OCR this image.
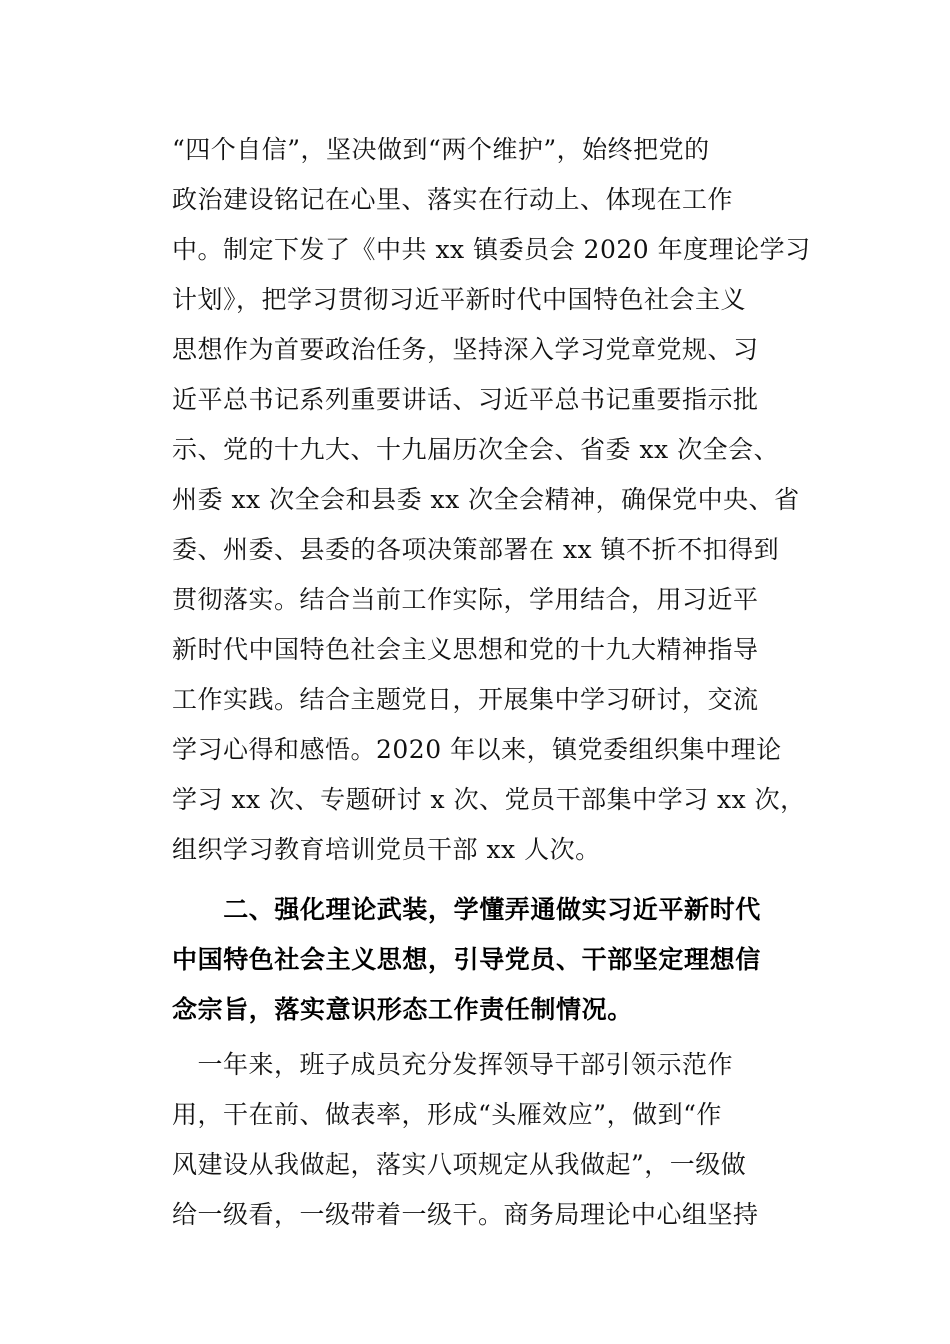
“四个自信”，坚决做到“两个维护”，始终把党的
政治建设铭记在心里、落实在行动上、体现在工作
中。制定下发了《中共 xx 镇委员会 2020 年度理论学习
计划》，把学习贯彻习近平新时代中国特色社会主义
思想作为首要政治任务，坚持深入学习党章党规、习
近平总书记系列重要讲话、习近平总书记重要指示批
示、党的十九大、十九届历次全会、省委 xx 次全会、
州委 xx 次全会和县委 xx 次全会精神，确保党中央、省
委、州委、县委的各项决策部署在 xx 镇不折不扣得到
贯彻落实。结合当前工作实际，学用结合，用习近平
新时代中国特色社会主义思想和党的十九大精神指导
工作实践。结合主题党日，开展集中学习研讨，交流
学习心得和感悟。2020 年以来，镇党委组织集中理论
学习 xx 次、专题研讨 x 次、党员干部集中学习 xx 次，
组织学习教育培训党员干部 xx 人次。
　　二、强化理论武装，学懂弄通做实习近平新时代
中国特色社会主义思想，引导党员、干部坚定理想信
念宗旨，落实意识形态工作责任制情况。
　一年来，班子成员充分发挥领导干部引领示范作
用，干在前、做表率，形成“头雁效应”，做到“作
风建设从我做起，落实八项规定从我做起”，一级做
给一级看，一级带着一级干。商务局理论中心组坚持
